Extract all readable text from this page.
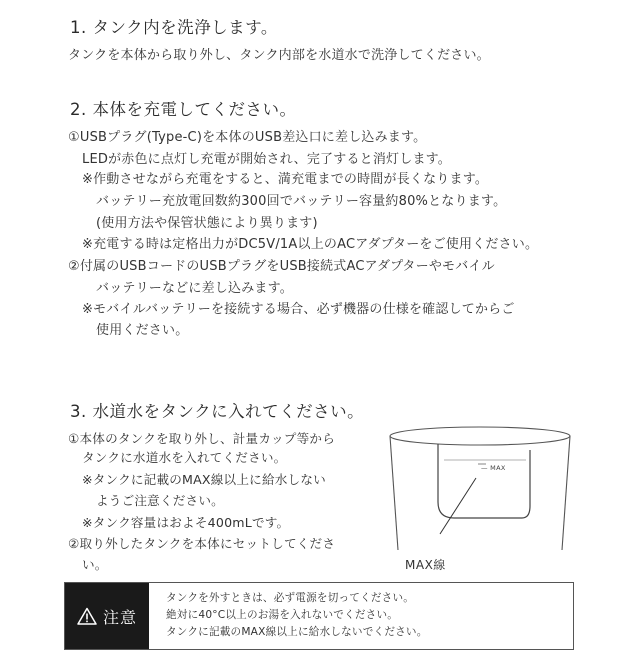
1. タンク内を洗浄します。
タンクを本体から取り外し、タンク内部を水道水で洗浄してください。
2. 本体を充電してください。
①USBプラグ(Type-C)を本体のUSB差込口に差し込みます。
LEDが赤色に点灯し充電が開始され、完了すると消灯します。
※作動させながら充電をすると、満充電までの時間が長くなります。
バッテリー充放電回数約300回でバッテリー容量約80%となります。
(使用方法や保管状態により異ります)
※充電する時は定格出力がDC5V/1A以上のACアダプターをご使用ください。
②付属のUSBコードのUSBプラグをUSB接続式ACアダプターやモバイル
バッテリーなどに差し込みます。
※モバイルバッテリーを接続する場合、必ず機器の仕様を確認してからご
使用ください。
3. 水道水をタンクに入れてください。
①本体のタンクを取り外し、計量カップ等から
タンクに水道水を入れてください。
※タンクに記載のMAX線以上に給水しない
ようご注意ください。
※タンク容量はおよそ400mLです。
②取り外したタンクを本体にセットしてくださ
い。
— MAX
MAX線
注意
タンクを外すときは、必ず電源を切ってください。
絶対に40°C以上のお湯を入れないでください。
タンクに記載のMAX線以上に給水しないでください。
